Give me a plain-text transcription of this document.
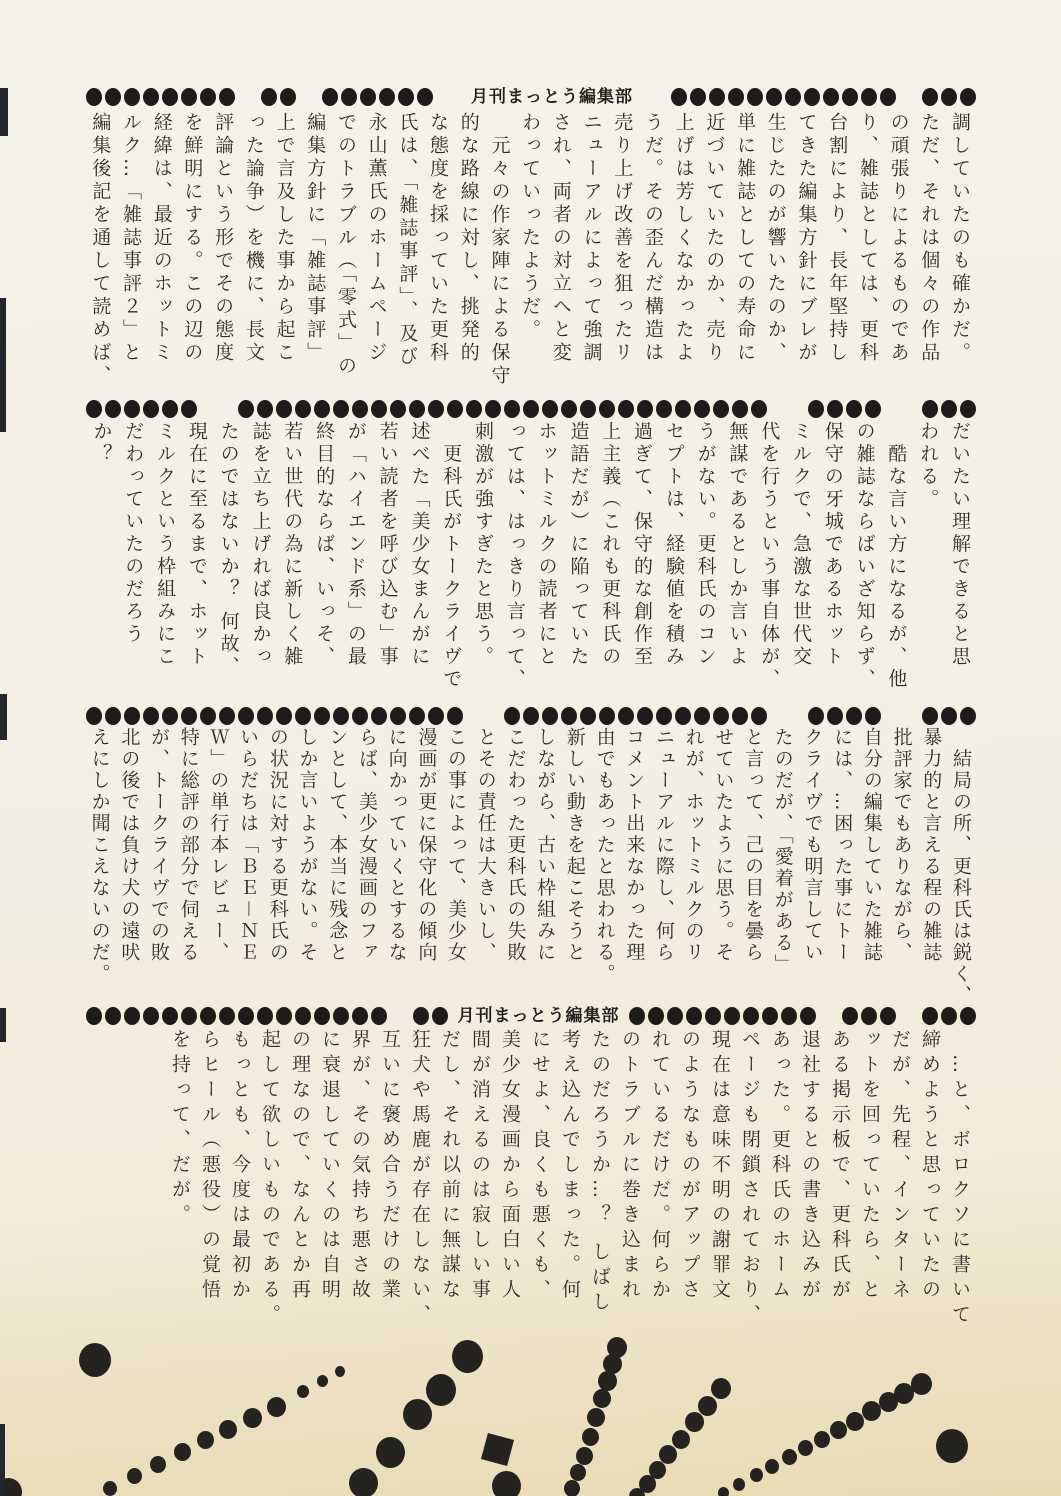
月刊まっとう編集部
調していたのも確かだ。
ただ、それは個々の作品
の頑張りによるものであ
り、雑誌としては、更科
台割により、長年堅持し
てきた編集方針にブレが
生じたのが響いたのか、
単に雑誌としての寿命に
近づいていたのか、売り
上げは芳しくなかったよ
うだ。その歪んだ構造は
売り上げ改善を狙ったリ
ニューアルによって強調
され、両者の対立へと変
わっていったようだ。
　元々の作家陣による保守
的な路線に対し、挑発的
な態度を採っていた更科
氏は、「雑誌事評」、及び
永山薫氏のホームページ
でのトラブル（「零式」の
編集方針に「雑誌事評」
上で言及した事から起こ
った論争）を機に、長文
評論という形でその態度
を鮮明にする。この辺の
経緯は、最近のホットミ
ルク…「雑誌事評２」と
編集後記を通して読めば、
だいたい理解できると思
われる。
　酷な言い方になるが、他
の雑誌ならばいざ知らず、
保守の牙城であるホット
ミルクで、急激な世代交
代を行うという事自体が、
無謀であるとしか言いよ
うがない。更科氏のコン
セプトは、経験値を積み
過ぎて、保守的な創作至
上主義（これも更科氏の
造語だが）に陥っていた
ホットミルクの読者にと
っては、はっきり言って、
刺激が強すぎたと思う。
　更科氏がトークライヴで
述べた「美少女まんがに
若い読者を呼び込む」事
が「ハイエンド系」の最
終目的ならば、いっそ、
若い世代の為に新しく雑
誌を立ち上げれば良かっ
たのではないか？ 何故、
現在に至るまで、ホット
ミルクという枠組みにこ
だわっていたのだろう
か？
　結局の所、更科氏は鋭く、
暴力的と言える程の雑誌
批評家でもありながら、
自分の編集していた雑誌
には、…困った事にトー
クライヴでも明言してい
たのだが、「愛着がある」
と言って、己の目を曇ら
せていたように思う。そ
れが、ホットミルクのリ
ニューアルに際し、何ら
コメント出来なかった理
由でもあったと思われる。
新しい動きを起こそうと
しながら、古い枠組みに
こだわった更科氏の失敗
とその責任は大きいし、
この事によって、美少女
漫画が更に保守化の傾向
に向かっていくとするな
らば、美少女漫画のファ
ンとして、本当に残念と
しか言いようがない。そ
の状況に対する更科氏の
いらだちは「ＢＥ－ＮＥ
Ｗ」の単行本レビュー、
特に総評の部分で伺える
が、トークライヴでの敗
北の後では負け犬の遠吠
えにしか聞こえないのだ。
月刊まっとう編集部
　…と、ボロクソに書いて
締めようと思っていたの
だが、先程、インターネ
ットを回っていたら、と
ある掲示板で、更科氏が
退社するとの書き込みが
あった。更科氏のホーム
ページも閉鎖されており、
現在は意味不明の謝罪文
のようなものがアップさ
れているだけだ。何らか
のトラブルに巻き込まれ
たのだろうか…？ しばし
考え込んでしまった。何
にせよ、良くも悪くも、
美少女漫画から面白い人
間が消えるのは寂しい事
だし、それ以前に無謀な
狂犬や馬鹿が存在しない、
互いに褒め合うだけの業
界が、その気持ち悪さ故
に衰退していくのは自明
の理なので、なんとか再
起して欲しいものである。
もっとも、今度は最初か
らヒール（悪役）の覚悟
を持って、だが。
